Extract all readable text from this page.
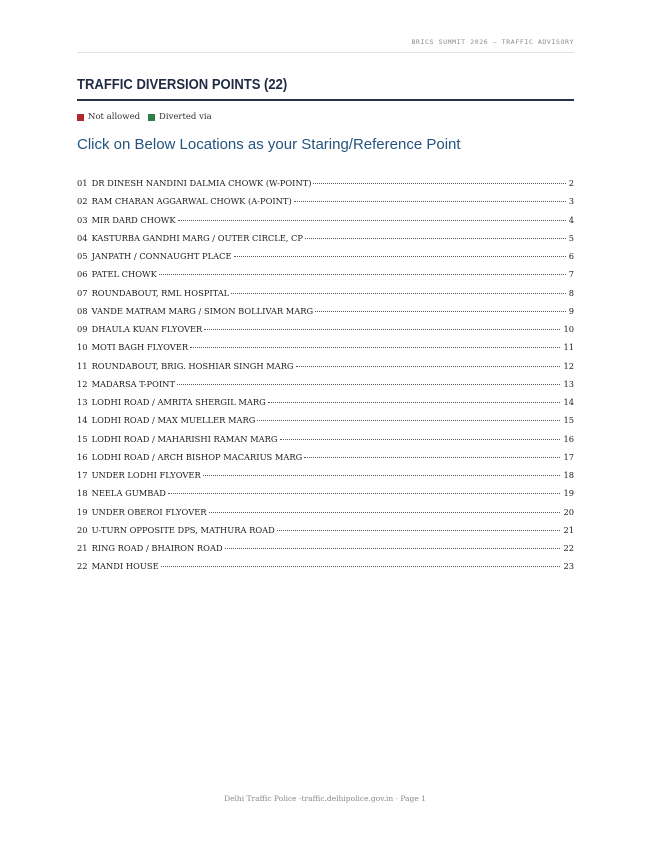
BRICS SUMMIT 2026 — TRAFFIC ADVISORY
TRAFFIC DIVERSION POINTS (22)
Not allowed Diverted via

Click on Below Locations as your Staring/Reference Point

01 DR DINESH NANDINI DALMIA CHOWK (W-POINT)	2
02 RAM CHARAN AGGARWAL CHOWK (A-POINT)	3
03 MIR DARD CHOWK	4
04 KASTURBA GANDHI MARG / OUTER CIRCLE, CP	5
05 JANPATH / CONNAUGHT PLACE	6
06 PATEL CHOWK	7
07 ROUNDABOUT, RML HOSPITAL	8
08 VANDE MATRAM MARG / SIMON BOLLIVAR MARG	9
09 DHAULA KUAN FLYOVER	10
10 MOTI BAGH FLYOVER	11
11 ROUNDABOUT, BRIG. HOSHIAR SINGH MARG	12
12 MADARSA T-POINT	13
13 LODHI ROAD / AMRITA SHERGIL MARG	14
14 LODHI ROAD / MAX MUELLER MARG	15
15 LODHI ROAD / MAHARISHI RAMAN MARG	16
16 LODHI ROAD / ARCH BISHOP MACARIUS MARG	17
17 UNDER LODHI FLYOVER	18
18 NEELA GUMBAD	19
19 UNDER OBEROI FLYOVER	20
20 U-TURN OPPOSITE DPS, MATHURA ROAD	21
21 RING ROAD / BHAIRON ROAD	22
22 MANDI HOUSE	23
Delhi Traffic Police -traffic.delhipolice.gov.in · Page 1
